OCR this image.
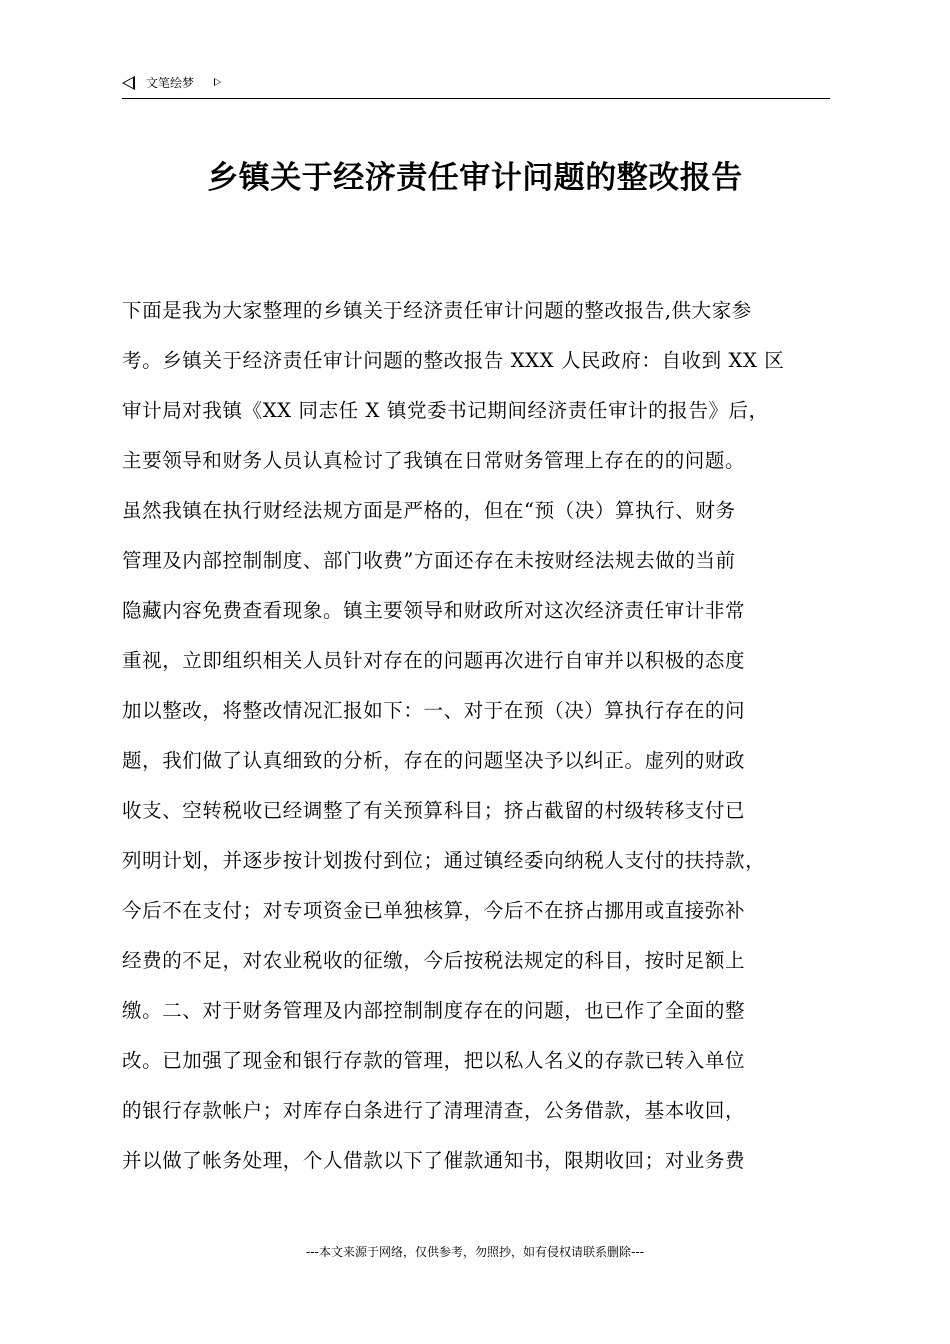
文笔绘梦
乡镇关于经济责任审计问题的整改报告
下面是我为大家整理的乡镇关于经济责任审计问题的整改报告,供大家参
考。乡镇关于经济责任审计问题的整改报告 XXX 人民政府：自收到 XX 区
审计局对我镇《XX 同志任 X 镇党委书记期间经济责任审计的报告》后，
主要领导和财务人员认真检讨了我镇在日常财务管理上存在的的问题。
虽然我镇在执行财经法规方面是严格的，但在“预（决）算执行、财务
管理及内部控制制度、部门收费”方面还存在未按财经法规去做的当前
隐藏内容免费查看现象。镇主要领导和财政所对这次经济责任审计非常
重视，立即组织相关人员针对存在的问题再次进行自审并以积极的态度
加以整改，将整改情况汇报如下：一、对于在预（决）算执行存在的问
题，我们做了认真细致的分析，存在的问题坚决予以纠正。虚列的财政
收支、空转税收已经调整了有关预算科目；挤占截留的村级转移支付已
列明计划，并逐步按计划拨付到位；通过镇经委向纳税人支付的扶持款，
今后不在支付；对专项资金已单独核算，今后不在挤占挪用或直接弥补
经费的不足，对农业税收的征缴，今后按税法规定的科目，按时足额上
缴。二、对于财务管理及内部控制制度存在的问题，也已作了全面的整
改。已加强了现金和银行存款的管理，把以私人名义的存款已转入单位
的银行存款帐户；对库存白条进行了清理清查，公务借款，基本收回，
并以做了帐务处理，个人借款以下了催款通知书，限期收回；对业务费
---本文来源于网络，仅供参考，勿照抄，如有侵权请联系删除---
